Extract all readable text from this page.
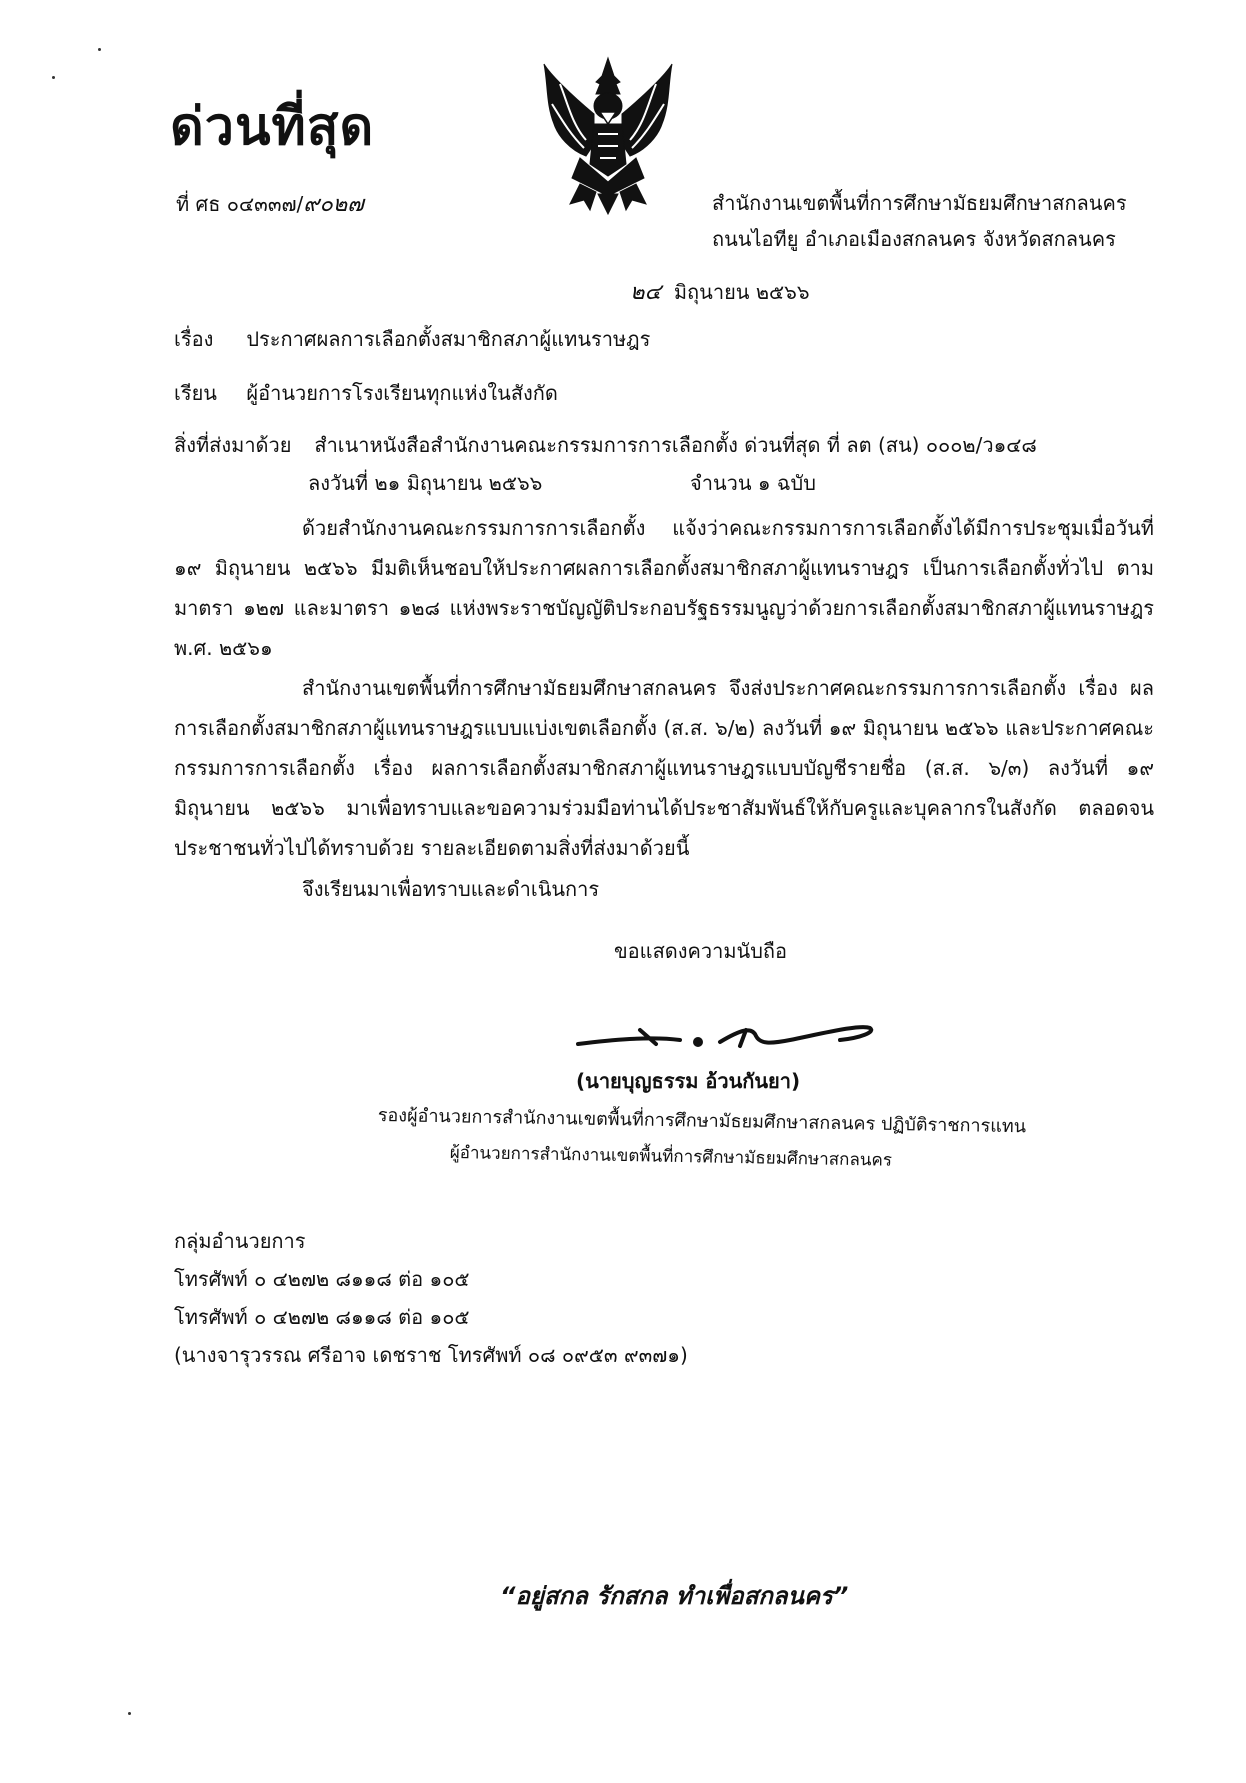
ด่วนที่สุด
ที่ ศธ ๐๔๓๓๗/๙๐๒๗	สำนักงานเขตพื้นที่การศึกษามัธยมศึกษาสกลนคร
ถนนไอทียู อำเภอเมืองสกลนคร จังหวัดสกลนคร
๒๔ มิถุนายน ๒๕๖๖
เรื่อง ประกาศผลการเลือกตั้งสมาชิกสภาผู้แทนราษฎร
เรียน ผู้อำนวยการโรงเรียนทุกแห่งในสังกัด
สิ่งที่ส่งมาด้วย สำเนาหนังสือสำนักงานคณะกรรมการการเลือกตั้ง ด่วนที่สุด ที่ ลต (สน) ๐๐๐๒/ว๑๔๘
ลงวันที่ ๒๑ มิถุนายน ๒๕๖๖	จำนวน ๑ ฉบับ
ด้วยสำนักงานคณะกรรมการการเลือกตั้ง แจ้งว่าคณะกรรมการการเลือกตั้งได้มีการประชุมเมื่อวันที่ ๑๙ มิถุนายน ๒๕๖๖ มีมติเห็นชอบให้ประกาศผลการเลือกตั้งสมาชิกสภาผู้แทนราษฎร เป็นการเลือกตั้งทั่วไป ตามมาตรา ๑๒๗ และมาตรา ๑๒๘ แห่งพระราชบัญญัติประกอบรัฐธรรมนูญว่าด้วยการเลือกตั้งสมาชิกสภาผู้แทนราษฎร พ.ศ. ๒๕๖๑
สำนักงานเขตพื้นที่การศึกษามัธยมศึกษาสกลนคร จึงส่งประกาศคณะกรรมการการเลือกตั้ง เรื่อง ผลการเลือกตั้งสมาชิกสภาผู้แทนราษฎรแบบแบ่งเขตเลือกตั้ง (ส.ส. ๖/๒) ลงวันที่ ๑๙ มิถุนายน ๒๕๖๖ และประกาศคณะกรรมการการเลือกตั้ง เรื่อง ผลการเลือกตั้งสมาชิกสภาผู้แทนราษฎรแบบบัญชีรายชื่อ (ส.ส. ๖/๓) ลงวันที่ ๑๙ มิถุนายน ๒๕๖๖ มาเพื่อทราบและขอความร่วมมือท่านได้ประชาสัมพันธ์ให้กับครูและบุคลากรในสังกัด ตลอดจนประชาชนทั่วไปได้ทราบด้วย รายละเอียดตามสิ่งที่ส่งมาด้วยนี้
จึงเรียนมาเพื่อทราบและดำเนินการ
ขอแสดงความนับถือ
(นายบุญธรรม อ้วนกันยา)
รองผู้อำนวยการสำนักงานเขตพื้นที่การศึกษามัธยมศึกษาสกลนคร ปฏิบัติราชการแทน
ผู้อำนวยการสำนักงานเขตพื้นที่การศึกษามัธยมศึกษาสกลนคร
กลุ่มอำนวยการ
โทรศัพท์ ๐ ๔๒๗๒ ๘๑๑๘ ต่อ ๑๐๕
โทรศัพท์ ๐ ๔๒๗๒ ๘๑๑๘ ต่อ ๑๐๕
(นางจารุวรรณ ศรีอาจ เดชราช โทรศัพท์ ๐๘ ๐๙๕๓ ๙๓๗๑)
“อยู่สกล รักสกล ทำเพื่อสกลนคร”
